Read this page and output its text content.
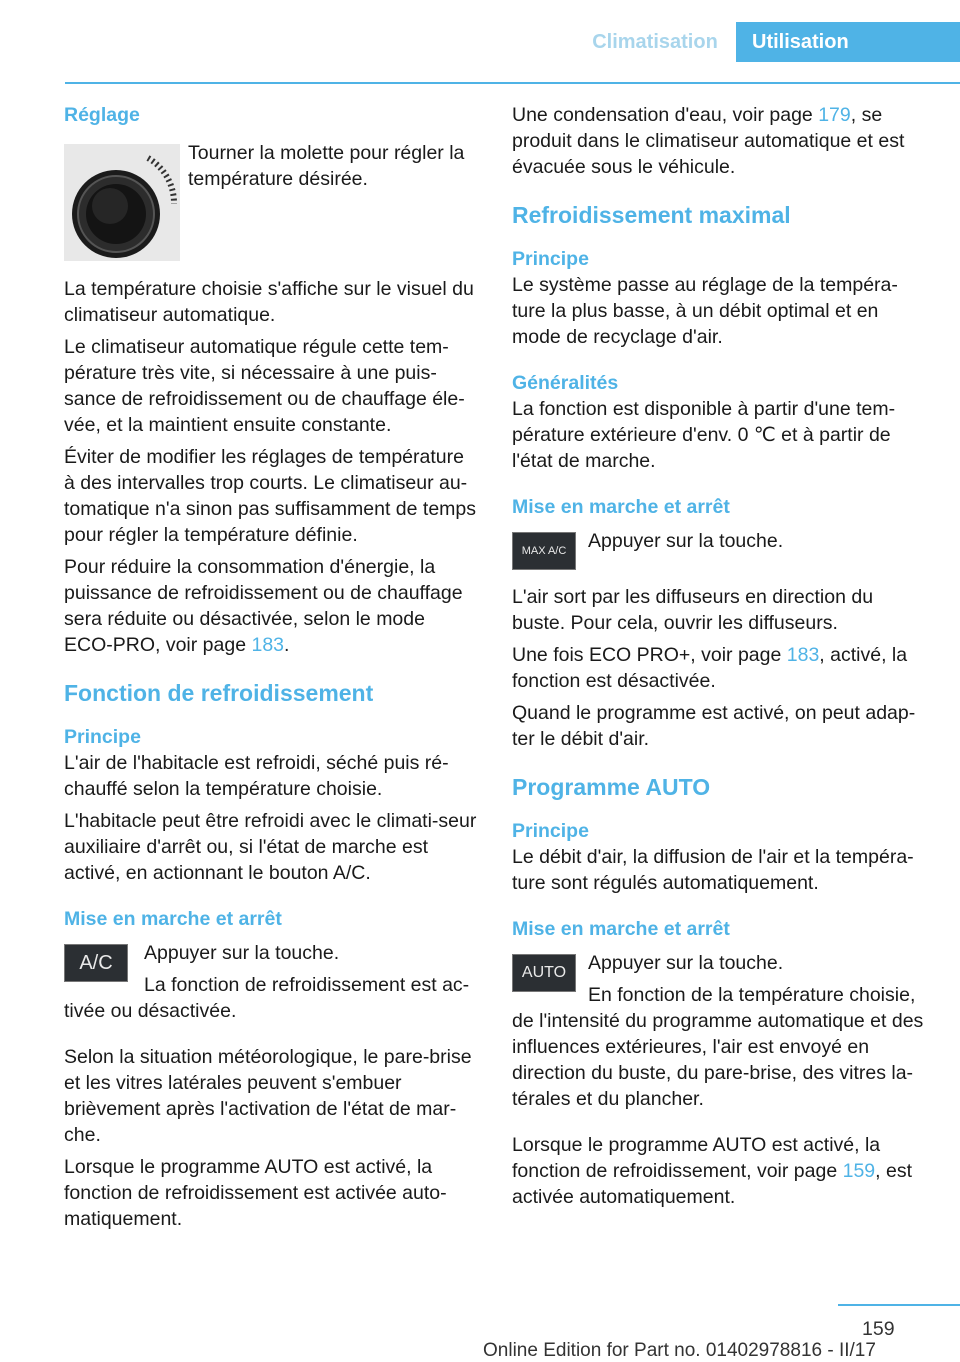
Climatisation	Utilisation
Réglage

Tourner la molette pour régler la température désirée.

La température choisie s'affiche sur le visuel du climatiseur automatique.

Le climatiseur automatique régule cette tem-pérature très vite, si nécessaire à une puis-sance de refroidissement ou de chauffage éle-vée, et la maintient ensuite constante.

Éviter de modifier les réglages de température à des intervalles trop courts. Le climatiseur au-tomatique n'a sinon pas suffisamment de temps pour régler la température définie.

Pour réduire la consommation d'énergie, la puissance de refroidissement ou de chauffage sera réduite ou désactivée, selon le mode ECO-PRO, voir page 183.

Fonction de refroidissement
Principe

L'air de l'habitacle est refroidi, séché puis ré-chauffé selon la température choisie.

L'habitacle peut être refroidi avec le climati-seur auxiliaire d'arrêt ou, si l'état de marche est activé, en actionnant le bouton A/C.

Mise en marche et arrêt
A/C	Appuyer sur la touche.

La fonction de refroidissement est ac-tivée ou désactivée.

Selon la situation météorologique, le pare-brise et les vitres latérales peuvent s'embuer brièvement après l'activation de l'état de mar-che.

Lorsque le programme AUTO est activé, la fonction de refroidissement est activée auto-matiquement.

Une condensation d'eau, voir page 179, se produit dans le climatiseur automatique et est évacuée sous le véhicule.

Refroidissement maximal
Principe

Le système passe au réglage de la tempéra-ture la plus basse, à un débit optimal et en mode de recyclage d'air.

Généralités

La fonction est disponible à partir d'une tem-pérature extérieure d'env. 0 ℃ et à partir de l'état de marche.

Mise en marche et arrêt
MAX A/C	Appuyer sur la touche.

L'air sort par les diffuseurs en direction du buste. Pour cela, ouvrir les diffuseurs.

Une fois ECO PRO+, voir page 183, activé, la fonction est désactivée.

Quand le programme est activé, on peut adap-ter le débit d'air.

Programme AUTO
Principe

Le débit d'air, la diffusion de l'air et la tempéra-ture sont régulés automatiquement.

Mise en marche et arrêt
AUTO	Appuyer sur la touche.

En fonction de la température choisie, de l'intensité du programme automatique et des influences extérieures, l'air est envoyé en direction du buste, du pare-brise, des vitres la-térales et du plancher.

Lorsque le programme AUTO est activé, la fonction de refroidissement, voir page 159, est activée automatiquement.

159
Online Edition for Part no. 01402978816 - II/17
